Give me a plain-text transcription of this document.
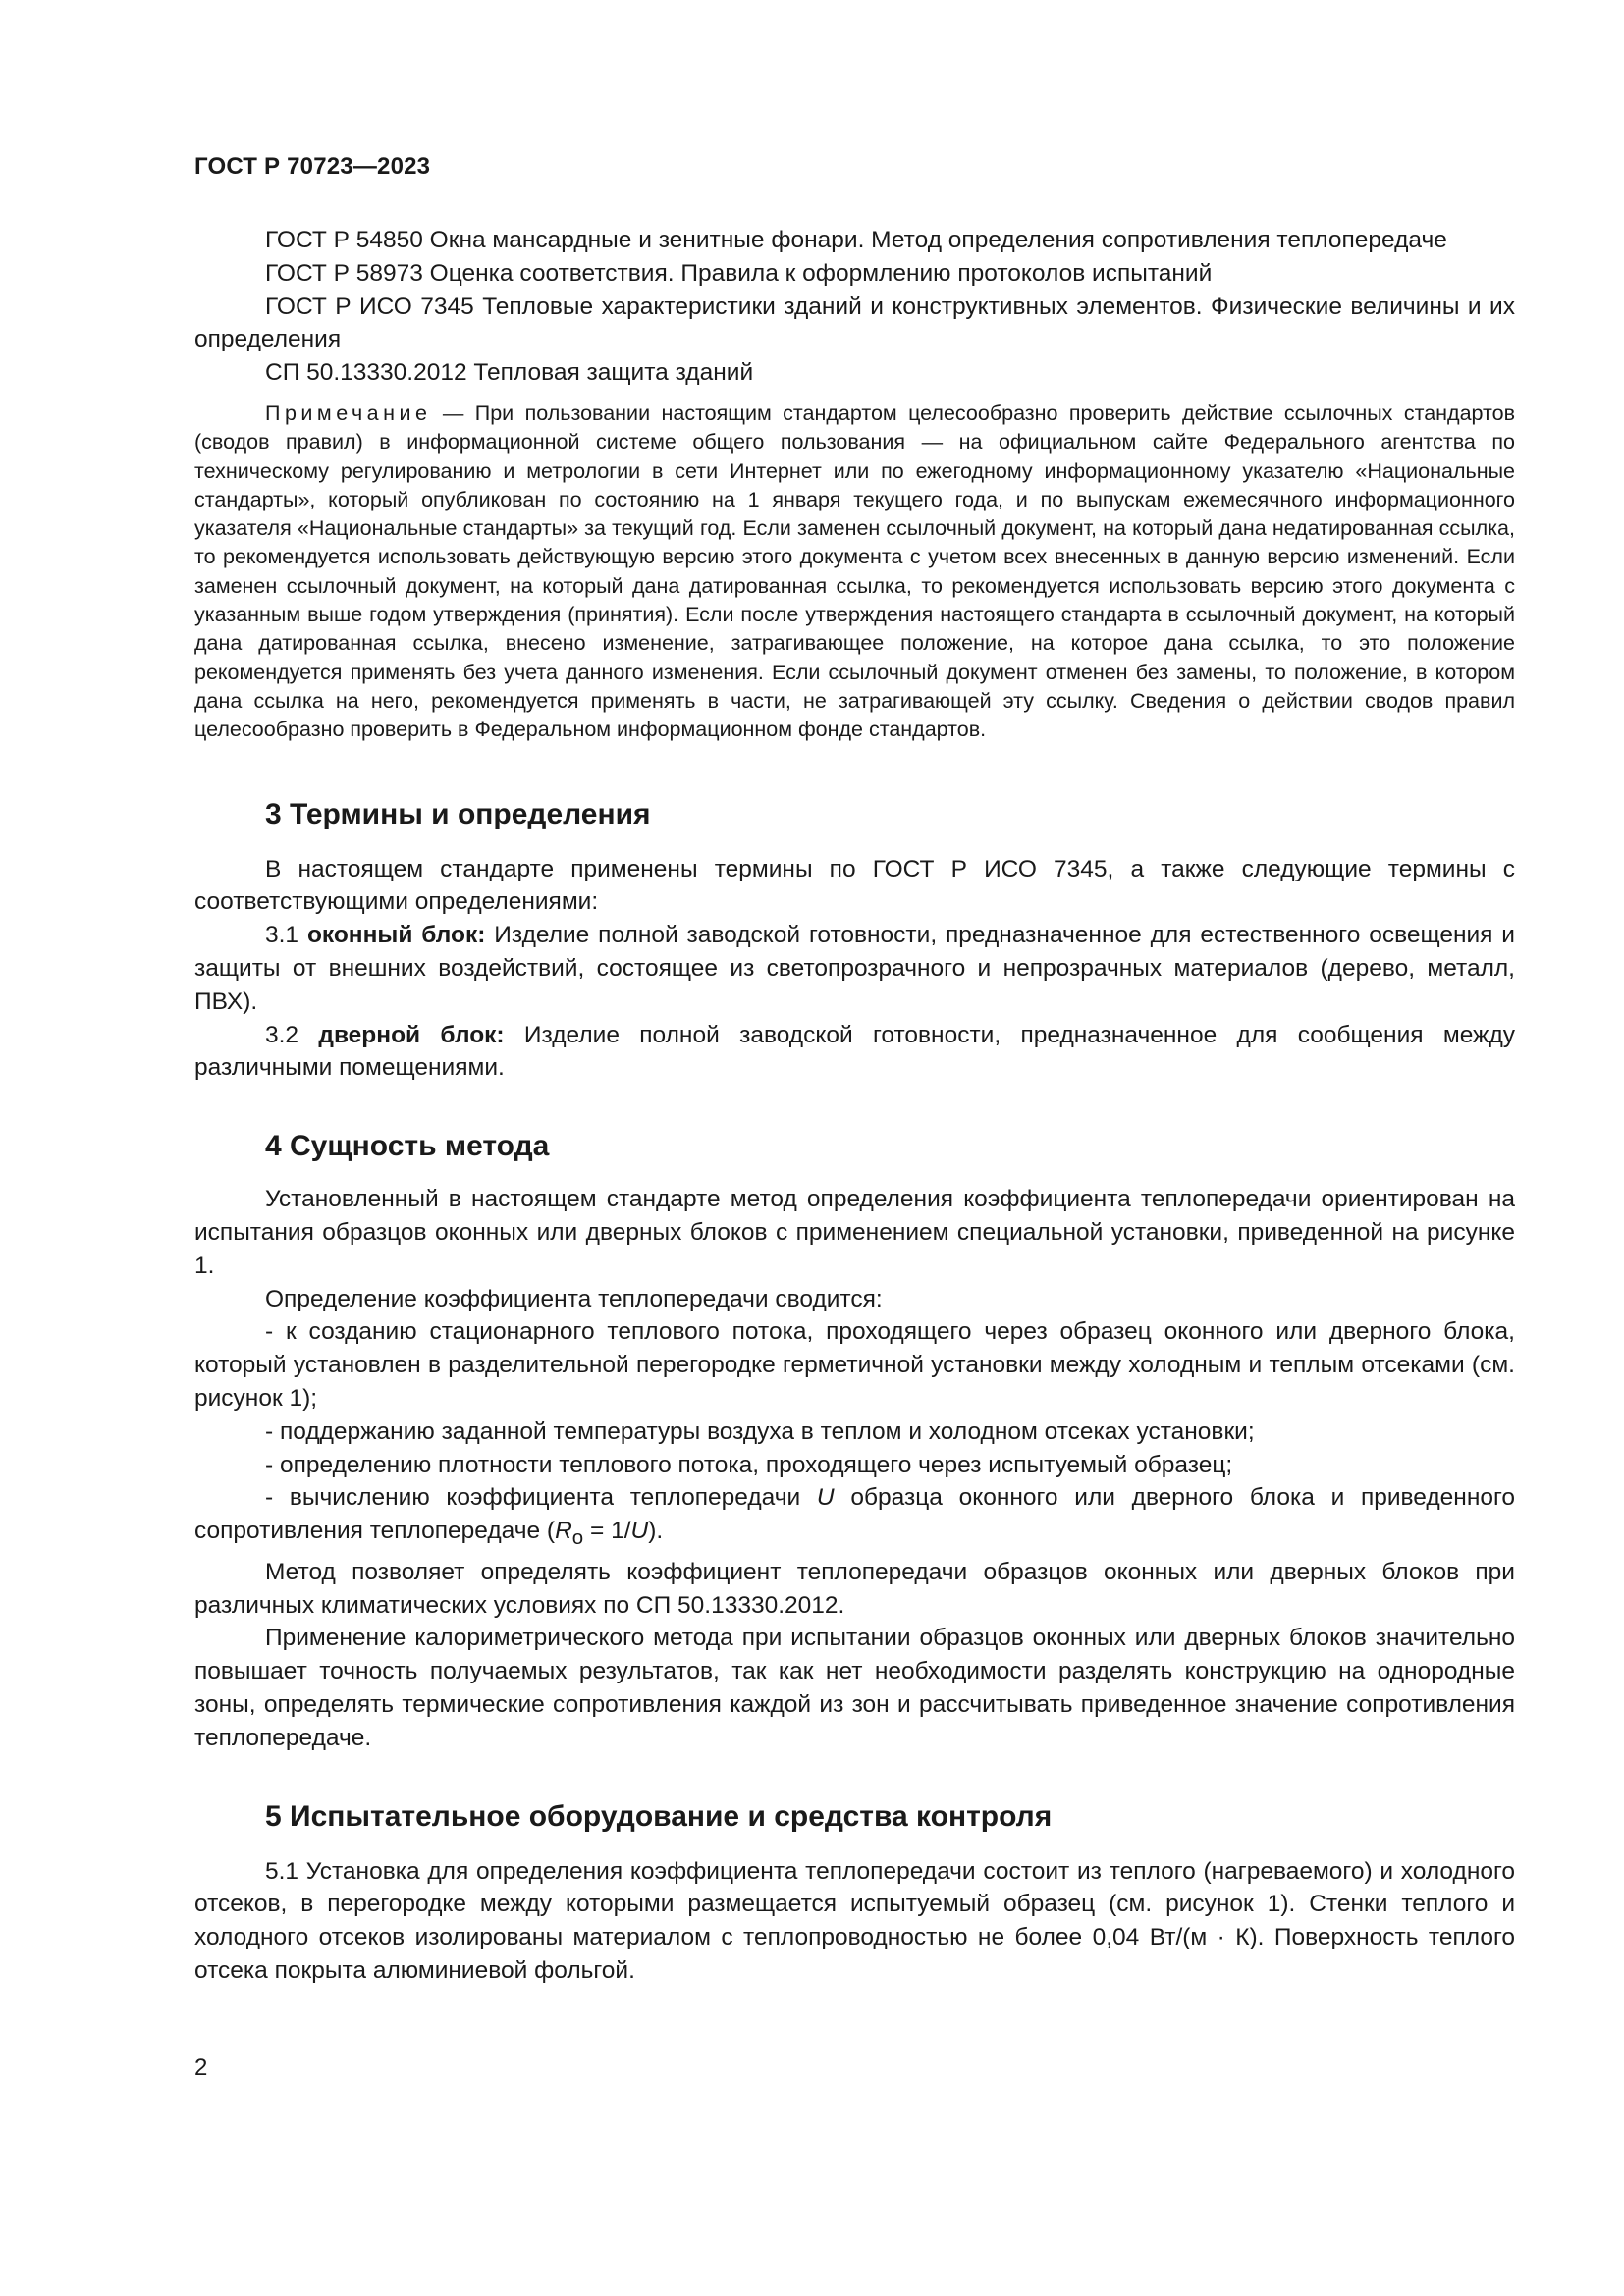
ГОСТ Р 70723—2023

ГОСТ Р 54850 Окна мансардные и зенитные фонари. Метод определения сопротивления теплопередаче

ГОСТ Р 58973 Оценка соответствия. Правила к оформлению протоколов испытаний

ГОСТ Р ИСО 7345 Тепловые характеристики зданий и конструктивных элементов. Физические величины и их определения

СП 50.13330.2012 Тепловая защита зданий

Примечание — При пользовании настоящим стандартом целесообразно проверить действие ссылочных стандартов (сводов правил) в информационной системе общего пользования — на официальном сайте Федерального агентства по техническому регулированию и метрологии в сети Интернет или по ежегодному информационному указателю «Национальные стандарты», который опубликован по состоянию на 1 января текущего года, и по выпускам ежемесячного информационного указателя «Национальные стандарты» за текущий год. Если заменен ссылочный документ, на который дана недатированная ссылка, то рекомендуется использовать действующую версию этого документа с учетом всех внесенных в данную версию изменений. Если заменен ссылочный документ, на который дана датированная ссылка, то рекомендуется использовать версию этого документа с указанным выше годом утверждения (принятия). Если после утверждения настоящего стандарта в ссылочный документ, на который дана датированная ссылка, внесено изменение, затрагивающее положение, на которое дана ссылка, то это положение рекомендуется применять без учета данного изменения. Если ссылочный документ отменен без замены, то положение, в котором дана ссылка на него, рекомендуется применять в части, не затрагивающей эту ссылку. Сведения о действии сводов правил целесообразно проверить в Федеральном информационном фонде стандартов.

3 Термины и определения

В настоящем стандарте применены термины по ГОСТ Р ИСО 7345, а также следующие термины с соответствующими определениями:

3.1 оконный блок: Изделие полной заводской готовности, предназначенное для естественного освещения и защиты от внешних воздействий, состоящее из светопрозрачного и непрозрачных материалов (дерево, металл, ПВХ).

3.2 дверной блок: Изделие полной заводской готовности, предназначенное для сообщения между различными помещениями.

4 Сущность метода

Установленный в настоящем стандарте метод определения коэффициента теплопередачи ориентирован на испытания образцов оконных или дверных блоков с применением специальной установки, приведенной на рисунке 1.

Определение коэффициента теплопередачи сводится:

- к созданию стационарного теплового потока, проходящего через образец оконного или дверного блока, который установлен в разделительной перегородке герметичной установки между холодным и теплым отсеками (см. рисунок 1);

- поддержанию заданной температуры воздуха в теплом и холодном отсеках установки;

- определению плотности теплового потока, проходящего через испытуемый образец;

- вычислению коэффициента теплопередачи U образца оконного или дверного блока и приведенного сопротивления теплопередаче $(R_o = 1/U)$.

Метод позволяет определять коэффициент теплопередачи образцов оконных или дверных блоков при различных климатических условиях по СП 50.13330.2012.

Применение калориметрического метода при испытании образцов оконных или дверных блоков значительно повышает точность получаемых результатов, так как нет необходимости разделять конструкцию на однородные зоны, определять термические сопротивления каждой из зон и рассчитывать приведенное значение сопротивления теплопередаче.

5 Испытательное оборудование и средства контроля

5.1 Установка для определения коэффициента теплопередачи состоит из теплого (нагреваемого) и холодного отсеков, в перегородке между которыми размещается испытуемый образец (см. рисунок 1). Стенки теплого и холодного отсеков изолированы материалом с теплопроводностью не более 0,04 Вт/(м · К). Поверхность теплого отсека покрыта алюминиевой фольгой.

2
